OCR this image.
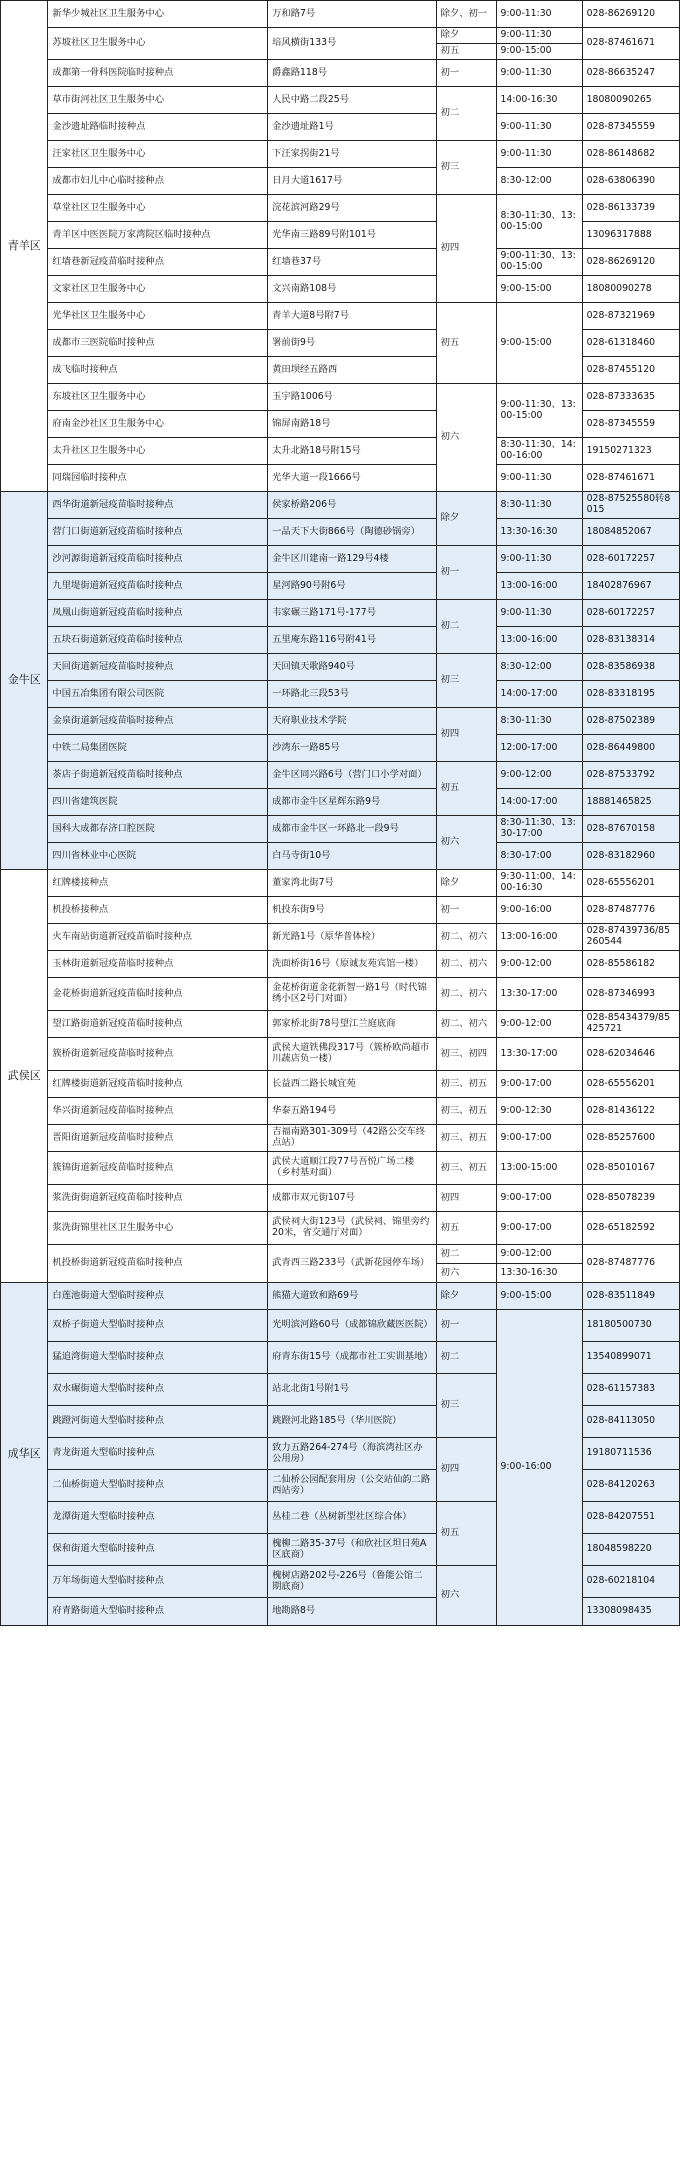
青羊区	新华少城社区卫生服务中心	万和路7号	除夕、初一	9:00-11:30	028-86269120
	苏坡社区卫生服务中心	培风横街133号	除夕	9:00-11:30	028-87461671
			初五	9:00-15:00	
	成都第一骨科医院临时接种点	爵鑫路118号	初一	9:00-11:30	028-86635247
	草市街河社区卫生服务中心	人民中路二段25号	初二	14:00-16:30	18080090265
	金沙遗址路临时接种点	金沙遗址路1号		9:00-11:30	028-87345559
	汪家社区卫生服务中心	下汪家拐街21号	初三	9:00-11:30	028-86148682
	成都市妇儿中心临时接种点	日月大道1617号		8:30-12:00	028-63806390
	草堂社区卫生服务中心	浣花滨河路29号	初四	8:30-11:30、13:00-15:00	028-86133739
	青羊区中医医院万家湾院区临时接种点	光华南三路89号附101号			13096317888
	红墙巷新冠疫苗临时接种点	红墙巷37号		9:00-11:30、13:00-15:00	028-86269120
	文家社区卫生服务中心	文兴南路108号		9:00-15:00	18080090278
	光华社区卫生服务中心	青羊大道8号附7号	初五	9:00-15:00	028-87321969
	成都市三医院临时接种点	署前街9号			028-61318460
	成飞临时接种点	黄田坝经五路西			028-87455120
	东坡社区卫生服务中心	玉宇路1006号	初六	9:00-11:30、13:00-15:00	028-87333635
	府南金沙社区卫生服务中心	锦屏南路18号			028-87345559
	太升社区卫生服务中心	太升北路18号附15号		8:30-11:30、14:00-16:00	19150271323
	同瑞园临时接种点	光华大道一段1666号		9:00-11:30	028-87461671
金牛区	西华街道新冠疫苗临时接种点	侯家桥路206号	除夕	8:30-11:30	028-87525580转8015
	营门口街道新冠疫苗临时接种点	一品天下大街866号（陶德砂锅旁）		13:30-16:30	18084852067
	沙河源街道新冠疫苗临时接种点	金牛区川建南一路129号4楼	初一	9:00-11:30	028-60172257
	九里堤街道新冠疫苗临时接种点	星河路90号附6号		13:00-16:00	18402876967
	凤凰山街道新冠疫苗临时接种点	韦家碾三路171号-177号	初二	9:00-11:30	028-60172257
	五块石街道新冠疫苗临时接种点	五里庵东路116号附41号		13:00-16:00	028-83138314
	天回街道新冠疫苗临时接种点	天回镇天歌路940号	初三	8:30-12:00	028-83586938
	中国五冶集团有限公司医院	一环路北三段53号		14:00-17:00	028-83318195
	金泉街道新冠疫苗临时接种点	天府职业技术学院	初四	8:30-11:30	028-87502389
	中铁二局集团医院	沙湾东一路85号		12:00-17:00	028-86449800
	茶店子街道新冠疫苗临时接种点	金牛区同兴路6号（营门口小学对面）	初五	9:00-12:00	028-87533792
	四川省建筑医院	成都市金牛区星辉东路9号		14:00-17:00	18881465825
	国科大成都存济口腔医院	成都市金牛区一环路北一段9号	初六	8:30-11:30、13:30-17:00	028-87670158
	四川省林业中心医院	白马寺街10号		8:30-17:00	028-83182960
武侯区	红牌楼接种点	董家湾北街7号	除夕	9:30-11:00、14:00-16:30	028-65556201
	机投桥接种点	机投东街9号	初一	9:00-16:00	028-87487776
	火车南站街道新冠疫苗临时接种点	新光路1号（原华普体检）	初二、初六	13:00-16:00	028-87439736/85260544
	玉林街道新冠疫苗临时接种点	洗面桥街16号（原诚友苑宾馆一楼）	初二、初六	9:00-12:00	028-85586182
	金花桥街道新冠疫苗临时接种点	金花桥街道金花新智一路1号（时代锦绣小区2号门对面）	初二、初六	13:30-17:00	028-87346993
	望江路街道新冠疫苗临时接种点	郭家桥北街78号望江兰庭底商	初二、初六	9:00-12:00	028-85434379/85425721
	簇桥街道新冠疫苗临时接种点	武侯大道铁佛段317号（簇桥欧尚超市川蔬店负一楼）	初三、初四	13:30-17:00	028-62034646
	红牌楼街道新冠疫苗临时接种点	长益西二路长城宜苑	初三、初五	9:00-17:00	028-65556201
	华兴街道新冠疫苗临时接种点	华泰五路194号	初三、初五	9:00-12:30	028-81436122
	晋阳街道新冠疫苗临时接种点	吉福南路301-309号（42路公交车终点站）	初三、初五	9:00-17:00	028-85257600
	簇锦街道新冠疫苗临时接种点	武侯大道顺江段77号吾悦广场二楼（乡村基对面）	初三、初五	13:00-15:00	028-85010167
	浆洗街街道新冠疫苗临时接种点	成都市双元街107号	初四	9:00-17:00	028-85078239
	浆洗街锦里社区卫生服务中心	武侯祠大街123号（武侯祠、锦里旁约20米，省交通厅对面）	初五	9:00-17:00	028-65182592
	机投桥街道新冠疫苗临时接种点	武青西三路233号（武新花园停车场）	初二	9:00-12:00	028-87487776
			初六	13:30-16:30	
成华区	白莲池街道大型临时接种点	熊猫大道致和路69号	除夕	9:00-15:00	028-83511849
	双桥子街道大型临时接种点	光明滨河路60号（成都锦欣藏医医院）	初一	9:00-16:00	18180500730
	猛追湾街道大型临时接种点	府青东街15号（成都市社工实训基地）	初二		13540899071
	双水碾街道大型临时接种点	站北北街1号附1号	初三		028-61157383
	跳蹬河街道大型临时接种点	跳蹬河北路185号（华川医院）			028-84113050
	青龙街道大型临时接种点	致力五路264-274号（海滨湾社区办公用房）	初四		19180711536
	二仙桥街道大型临时接种点	二仙桥公园配套用房（公交站仙韵二路西站旁）			028-84120263
	龙潭街道大型临时接种点	丛桂二巷（丛树新型社区综合体）	初五		028-84207551
	保和街道大型临时接种点	槐柳二路35-37号（和欣社区坦日苑A区底商）			18048598220
	万年场街道大型临时接种点	槐树店路202号-226号（鲁能公馆二期底商）	初六		028-60218104
	府青路街道大型临时接种点	地勘路8号			13308098435
